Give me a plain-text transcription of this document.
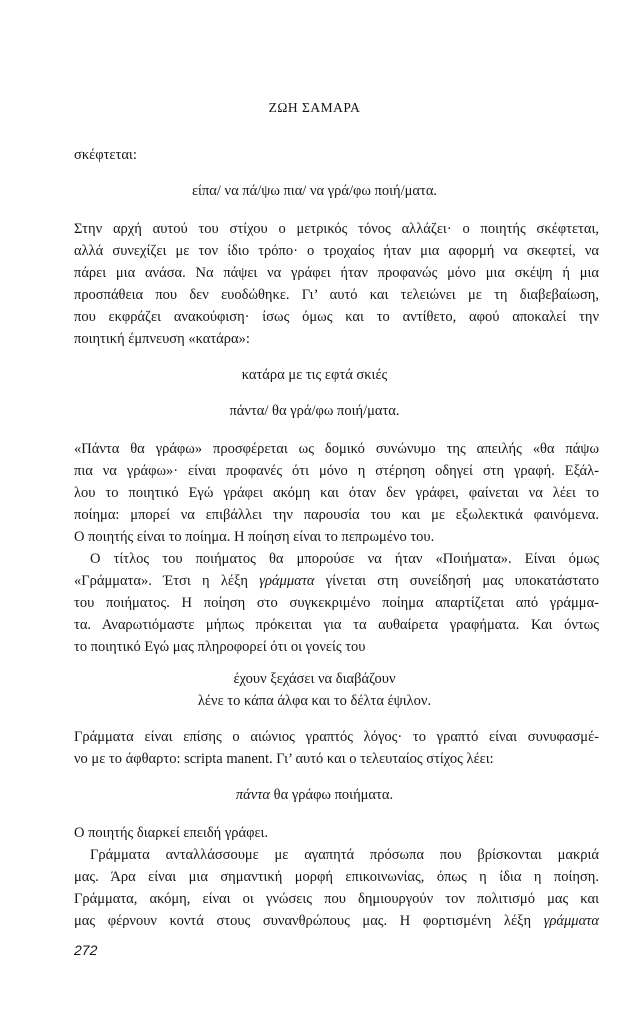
ΖΩΗ ΣΑΜΑΡΑ
σκέφτεται:
είπα/ να πά/ψω πια/ να γρά/φω ποιή/ματα.
Στην αρχή αυτού του στίχου ο μετρικός τόνος αλλάζει· ο ποιητής σκέφτεται,
αλλά συνεχίζει με τον ίδιο τρόπο· ο τροχαίος ήταν μια αφορμή να σκεφτεί, να
πάρει μια ανάσα. Να πάψει να γράφει ήταν προφανώς μόνο μια σκέψη ή μια
προσπάθεια που δεν ευοδώθηκε. Γι’ αυτό και τελειώνει με τη διαβεβαίωση,
που εκφράζει ανακούφιση· ίσως όμως και το αντίθετο, αφού αποκαλεί την
ποιητική έμπνευση «κατάρα»:
κατάρα με τις εφτά σκιές
πάντα/ θα γρά/φω ποιή/ματα.
«Πάντα θα γράφω» προσφέρεται ως δομικό συνώνυμο της απειλής «θα πάψω
πια να γράφω»· είναι προφανές ότι μόνο η στέρηση οδηγεί στη γραφή. Εξάλ-
λου το ποιητικό Εγώ γράφει ακόμη και όταν δεν γράφει, φαίνεται να λέει το
ποίημα: μπορεί να επιβάλλει την παρουσία του και με εξωλεκτικά φαινόμενα.
Ο ποιητής είναι το ποίημα. Η ποίηση είναι το πεπρωμένο του.
Ο τίτλος του ποιήματος θα μπορούσε να ήταν «Ποιήματα». Είναι όμως
«Γράμματα». Έτσι η λέξη γράμματα γίνεται στη συνείδησή μας υποκατάστατο
του ποιήματος. Η ποίηση στο συγκεκριμένο ποίημα απαρτίζεται από γράμμα-
τα. Αναρωτιόμαστε μήπως πρόκειται για τα αυθαίρετα γραφήματα. Και όντως
το ποιητικό Εγώ μας πληροφορεί ότι οι γονείς του
έχουν ξεχάσει να διαβάζουν
λένε το κάπα άλφα και το δέλτα έψιλον.
Γράμματα είναι επίσης ο αιώνιος γραπτός λόγος· το γραπτό είναι συνυφασμέ-
νο με το άφθαρτο: scripta manent. Γι’ αυτό και ο τελευταίος στίχος λέει:
πάντα θα γράφω ποιήματα.
Ο ποιητής διαρκεί επειδή γράφει.
Γράμματα ανταλλάσσουμε με αγαπητά πρόσωπα που βρίσκονται μακριά
μας. Άρα είναι μια σημαντική μορφή επικοινωνίας, όπως η ίδια η ποίηση.
Γράμματα, ακόμη, είναι οι γνώσεις που δημιουργούν τον πολιτισμό μας και
μας φέρνουν κοντά στους συνανθρώπους μας. Η φορτισμένη λέξη γράμματα
272
